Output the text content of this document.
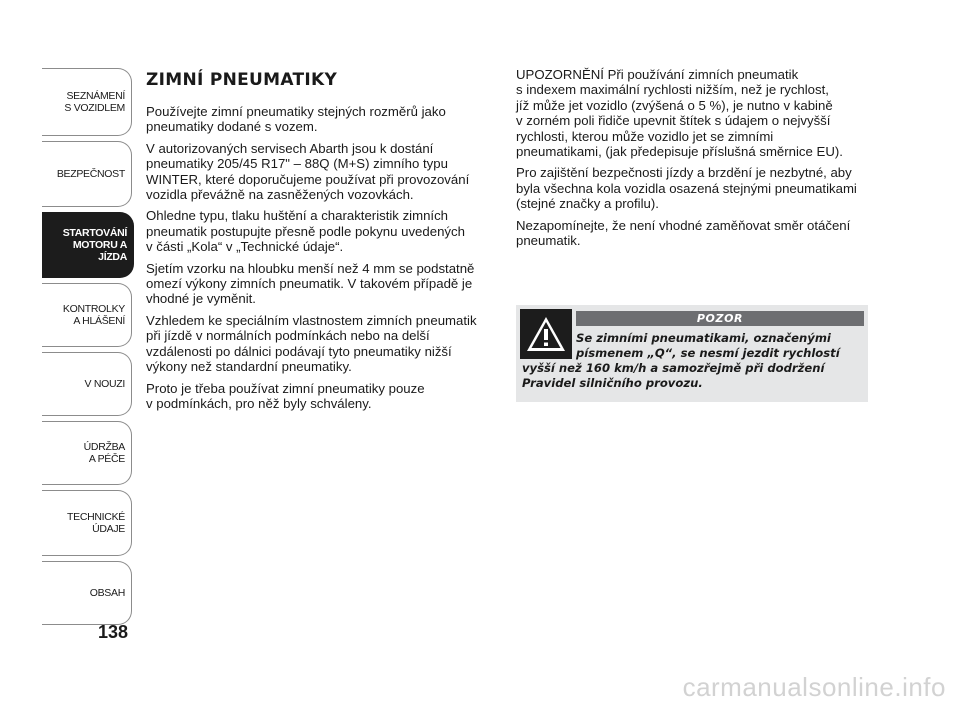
SEZNÁMENÍ
S VOZIDLEM
BEZPEČNOST
STARTOVÁNÍ
MOTORU A JÍZDA
KONTROLKY
A HLÁŠENÍ
V NOUZI
ÚDRŽBA
A PÉČE
TECHNICKÉ
ÚDAJE
OBSAH
138
ZIMNÍ PNEUMATIKY

Používejte zimní pneumatiky stejných rozměrů jako
pneumatiky dodané s vozem.

V autorizovaných servisech Abarth jsou k dostání
pneumatiky 205/45 R17" – 88Q (M+S) zimního typu
WINTER, které doporučujeme používat při provozování
vozidla převážně na zasněžených vozovkách.

Ohledne typu, tlaku huštění a charakteristik zimních
pneumatik postupujte přesně podle pokynu uvedených
v části „Kola“ v „Technické údaje“.

Sjetím vzorku na hloubku menší než 4 mm se podstatně
omezí výkony zimních pneumatik. V takovém případě je
vhodné je vyměnit.

Vzhledem ke speciálním vlastnostem zimních pneumatik
při jízdě v normálních podmínkách nebo na delší
vzdálenosti po dálnici podávají tyto pneumatiky nižší
výkony než standardní pneumatiky.

Proto je třeba používat zimní pneumatiky pouze
v podmínkách, pro něž byly schváleny.

UPOZORNĚNÍ Při používání zimních pneumatik
s indexem maximální rychlosti nižším, než je rychlost,
jíž může jet vozidlo (zvýšená o 5 %), je nutno v kabině
v zorném poli řidiče upevnit štítek s údajem o nejvyšší
rychlosti, kterou může vozidlo jet se zimními
pneumatikami, (jak předepisuje příslušná směrnice EU).

Pro zajištění bezpečnosti jízdy a brzdění je nezbytné, aby
byla všechna kola vozidla osazená stejnými pneumatikami
(stejné značky a profilu).

Nezapomínejte, že není vhodné zaměňovat směr otáčení
pneumatik.

POZOR
Se zimními pneumatikami, označenými
písmenem „Q“, se nesmí jezdit rychlostí
vyšší než 160 km/h a samozřejmě při dodržení
Pravidel silničního provozu.
carmanualsonline.info
